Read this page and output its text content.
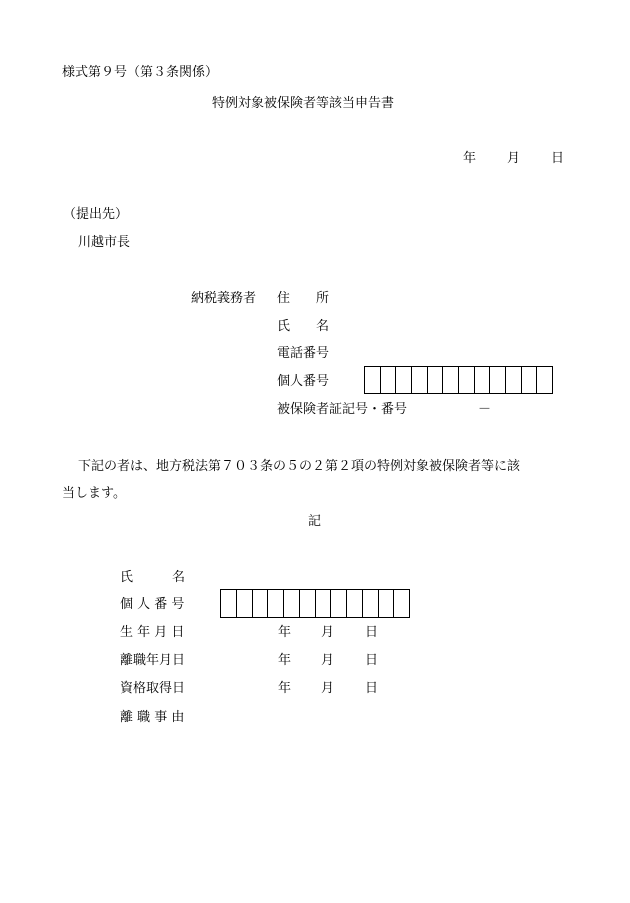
様式第９号（第３条関係）
特例対象被保険者等該当申告書
年 月 日
（提出先）
川越市長
納税義務者 住　　所
氏　　名
電話番号
個人番号
被保険者証記号・番号	－
下記の者は、地方税法第７０３条の５の２第２項の特例対象被保険者等に該
当します。
記
氏　　　名
個 人 番 号
生 年 月 日	年 月 日
離職年月日	年 月 日
資格取得日	年 月 日
離 職 事 由
